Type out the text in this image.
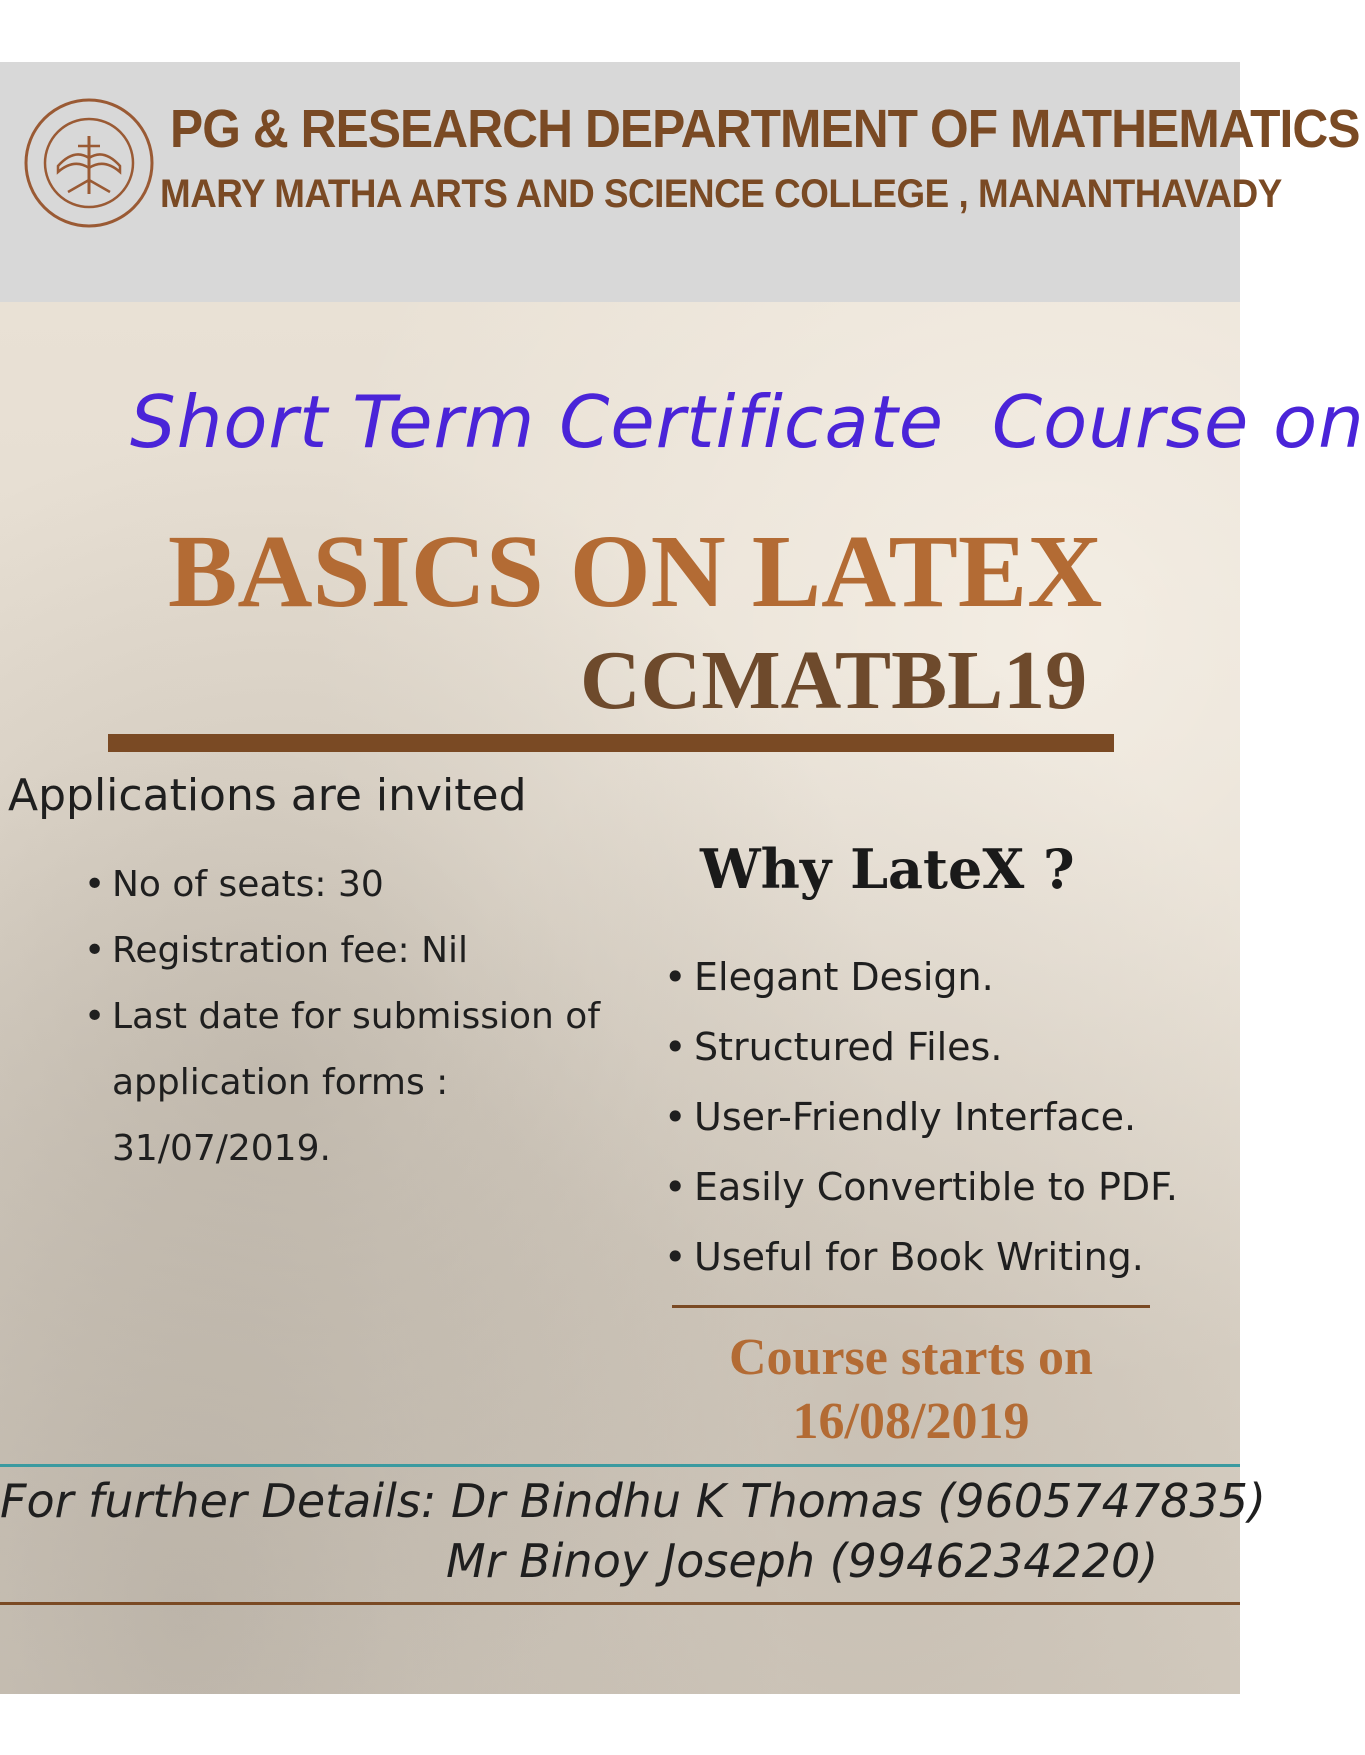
PG & RESEARCH DEPARTMENT OF MATHEMATICS
MARY MATHA ARTS AND SCIENCE COLLEGE , MANANTHAVADY
Short Term Certificate  Course on
BASICS ON LATEX
CCMATBL19
Applications are invited
• No of seats: 30
• Registration fee: Nil
• Last date for submission of application forms : 31/07/2019.
Why LateX ?
• Elegant Design.
• Structured Files.
• User-Friendly Interface.
• Easily Convertible to PDF.
• Useful for Book Writing.
Course starts on
16/08/2019
For further Details: Dr Bindhu K Thomas (9605747835)
Mr Binoy Joseph (9946234220)
